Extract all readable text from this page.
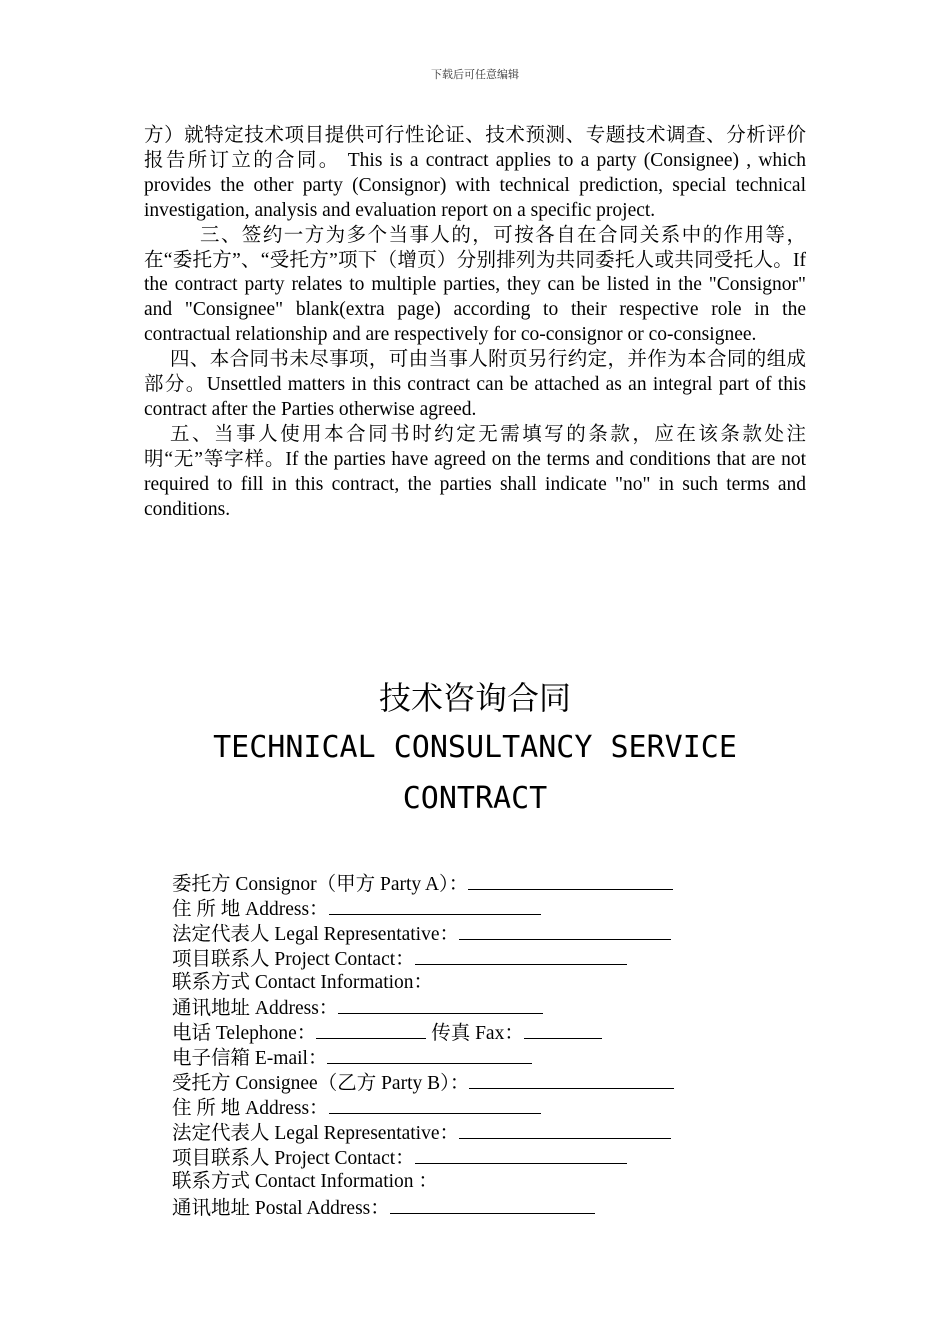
下载后可任意编辑

方）就特定技术项目提供可行性论证、技术预测、专题技术调查、分析评价报告所订立的合同。 This is a contract applies to a party (Consignee) , which provides the other party (Consignor) with technical prediction, special technical investigation, analysis and evaluation report on a specific project.

三、签约一方为多个当事人的，可按各自在合同关系中的作用等，在“委托方”、“受托方”项下（增页）分别排列为共同委托人或共同受托人。If the contract party relates to multiple parties, they can be listed in the "Consignor" and "Consignee" blank(extra page) according to their respective role in the contractual relationship and are respectively for co-consignor or co-consignee.

四、本合同书未尽事项，可由当事人附页另行约定，并作为本合同的组成部分。Unsettled matters in this contract can be attached as an integral part of this contract after the Parties otherwise agreed.

五、当事人使用本合同书时约定无需填写的条款，应在该条款处注明“无”等字样。If the parties have agreed on the terms and conditions that are not required to fill in this contract, the parties shall indicate "no" in such terms and conditions.

技术咨询合同
TECHNICAL CONSULTANCY SERVICE
CONTRACT
委托方 Consignor（甲方 Party A）：
住 所 地 Address：
法定代表人 Legal Representative：
项目联系人 Project Contact：
联系方式 Contact Information：
通讯地址 Address：
电话 Telephone：	传真 Fax：
电子信箱 E-mail：
受托方 Consignee（乙方 Party B）：
住 所 地 Address：
法定代表人 Legal Representative：
项目联系人 Project Contact：
联系方式 Contact Information ：
通讯地址 Postal Address：
